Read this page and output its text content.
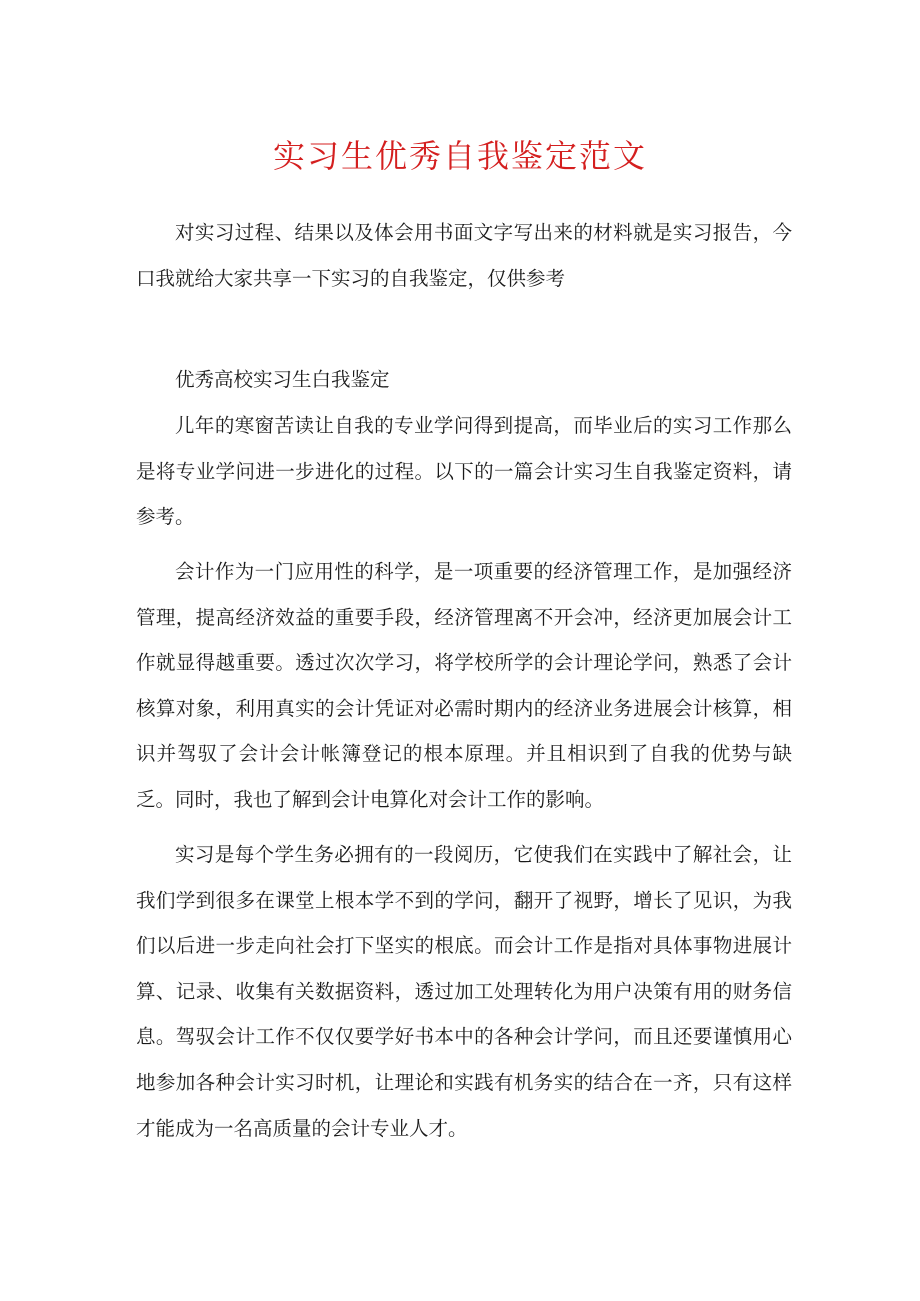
实习生优秀自我鉴定范文

对实习过程、结果以及体会用书面文字写出来的材料就是实习报告，今口我就给大家共享一下实习的自我鉴定，仅供参考

优秀高校实习生白我鉴定

儿年的寒窗苦读让自我的专业学问得到提高，而毕业后的实习工作那么是将专业学问进一步进化的过程。以下的一篇会计实习生自我鉴定资料，请参考。

会计作为一门应用性的科学，是一项重要的经济管理工作，是加强经济管理，提高经济效益的重要手段，经济管理离不开会冲，经济更加展会计工作就显得越重要。透过次次学习，将学校所学的会计理论学问，熟悉了会计核算对象，利用真实的会计凭证对必需时期内的经济业务进展会计核算，相识并驾驭了会计会计帐簿登记的根本原理。并且相识到了自我的优势与缺乏。同时，我也了解到会计电算化对会计工作的影响。

实习是每个学生务必拥有的一段阅历，它使我们在实践中了解社会，让我们学到很多在课堂上根本学不到的学问，翻开了视野，增长了见识，为我们以后进一步走向社会打下坚实的根底。而会计工作是指对具体事物进展计算、记录、收集有关数据资料，透过加工处理转化为用户决策有用的财务信息。驾驭会计工作不仅仅要学好书本中的各种会计学问，而且还要谨慎用心地参加各种会计实习时机，让理论和实践有机务实的结合在一齐，只有这样才能成为一名高质量的会计专业人才。
